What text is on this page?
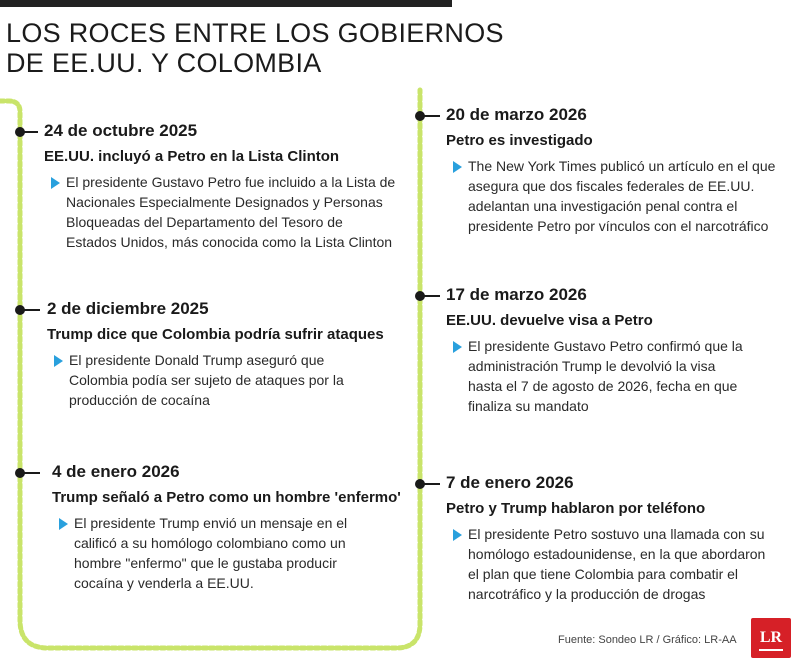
LOS ROCES ENTRE LOS GOBIERNOS
DE EE.UU. Y COLOMBIA
24 de octubre 2025
EE.UU. incluyó a Petro en la Lista Clinton

El presidente Gustavo Petro fue incluido a la Lista de

Nacionales Especialmente Designados y Personas

Bloqueadas del Departamento del Tesoro de

Estados Unidos, más conocida como la Lista Clinton

2 de diciembre 2025
Trump dice que Colombia podría sufrir ataques

El presidente Donald Trump aseguró que

Colombia podía ser sujeto de ataques por la

producción de cocaína

4 de enero 2026
Trump señaló a Petro como un hombre 'enfermo'

El presidente Trump envió un mensaje en el

calificó a su homólogo colombiano como un

hombre "enfermo" que le gustaba producir

cocaína y venderla a EE.UU.

20 de marzo 2026
Petro es investigado

The New York Times publicó un artículo en el que

asegura que dos fiscales federales de EE.UU.

adelantan una investigación penal contra el

presidente Petro por vínculos con el narcotráfico

17 de marzo 2026
EE.UU. devuelve visa a Petro

El presidente Gustavo Petro confirmó que la

administración Trump le devolvió la visa

hasta el 7 de agosto de 2026, fecha en que

finaliza su mandato

7 de enero 2026
Petro y Trump hablaron por teléfono

El presidente Petro sostuvo una llamada con su

homólogo estadounidense, en la que abordaron

el plan que tiene Colombia para combatir el

narcotráfico y la producción de drogas

Fuente: Sondeo LR / Gráfico: LR-AA	LR
